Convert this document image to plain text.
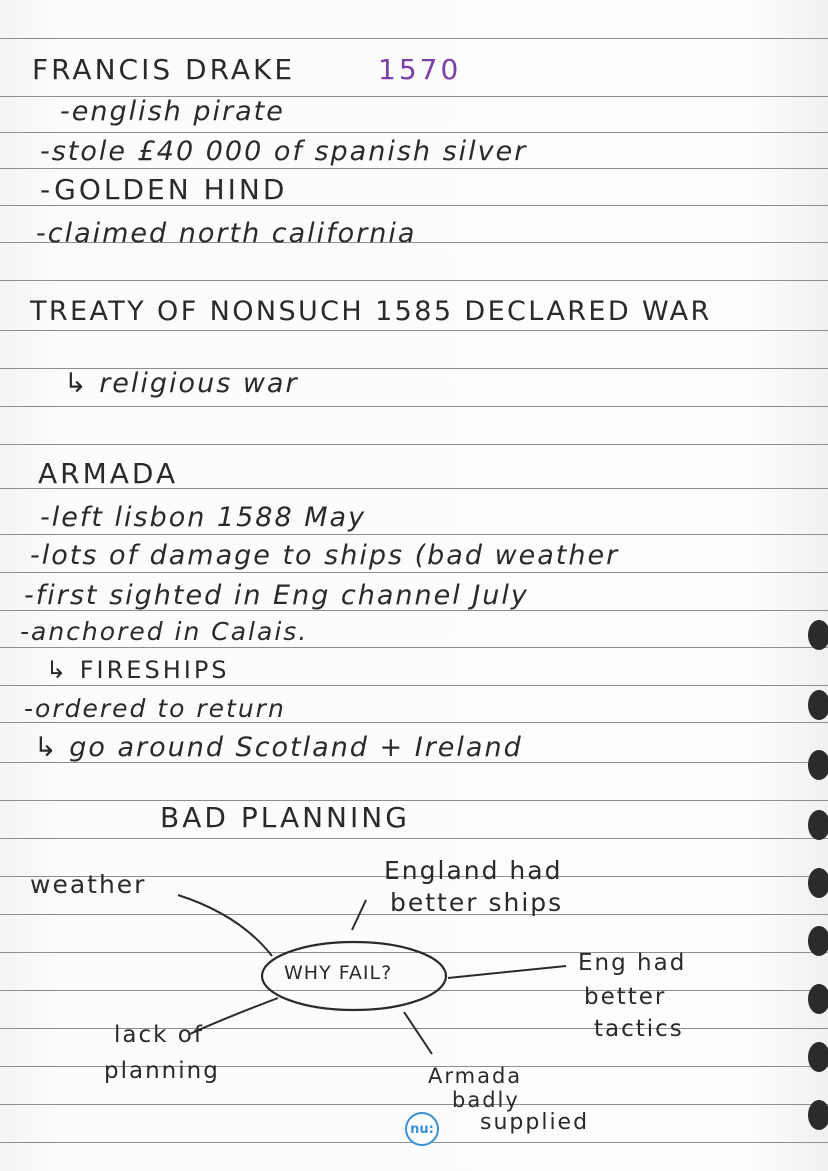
FRANCIS DRAKE	1570
-english pirate
-stole £40 000 of spanish silver
-GOLDEN HIND
-claimed north california
TREATY OF NONSUCH 1585 DECLARED WAR
↳ religious war
ARMADA
-left lisbon 1588 May
-lots of damage to ships (bad weather
-first sighted in Eng channel July
-anchored in Calais.
↳ FIRESHIPS
-ordered to return
↳ go around Scotland + Ireland
BAD PLANNING
weather	England had
better ships
WHY FAIL?	Eng had
better
tactics
lack of
planning	Armada
badly
supplied
nu:
